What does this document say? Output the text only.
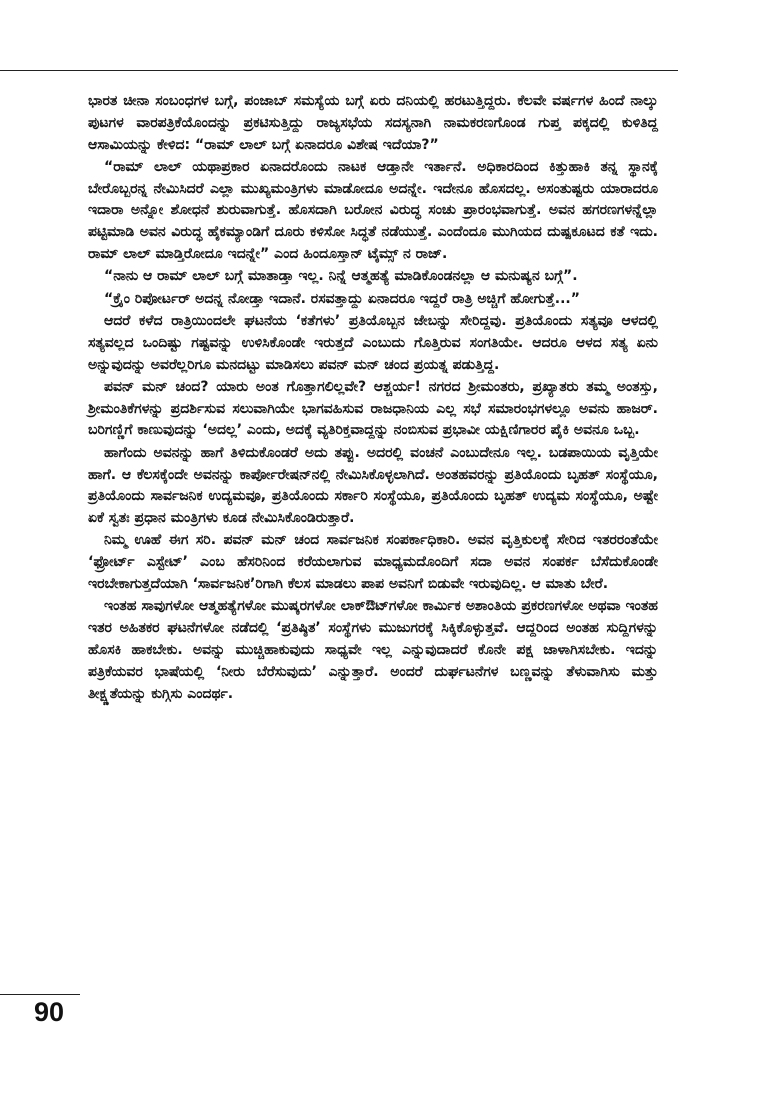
ಭಾರತ ಚೀನಾ ಸಂಬಂಧಗಳ ಬಗ್ಗೆ, ಪಂಜಾಬ್ ಸಮಸ್ಯೆಯ ಬಗ್ಗೆ ಏರು ದನಿಯಲ್ಲಿ ಹರಟುತ್ತಿದ್ದರು. ಕೆಲವೇ ವರ್ಷಗಳ ಹಿಂದೆ ನಾಲ್ಕು ಪುಟಗಳ ವಾರಪತ್ರಿಕೆಯೊಂದನ್ನು ಪ್ರಕಟಿಸುತ್ತಿದ್ದು ರಾಜ್ಯಸಭೆಯ ಸದಸ್ಯನಾಗಿ ನಾಮಕರಣಗೊಂಡ ಗುಪ್ತ ಪಕ್ಕದಲ್ಲಿ ಕುಳಿತಿದ್ದ ಆಸಾಮಿಯನ್ನು ಕೇಳಿದ: “ರಾಮ್ ಲಾಲ್ ಬಗ್ಗೆ ಏನಾದರೂ ವಿಶೇಷ ಇದೆಯಾ?”

“ರಾಮ್ ಲಾಲ್ ಯಥಾಪ್ರಕಾರ ಏನಾದರೊಂದು ನಾಟಕ ಆಡ್ತಾನೇ ಇರ್ತಾನೆ. ಅಧಿಕಾರದಿಂದ ಕಿತ್ತುಹಾಕಿ ತನ್ನ ಸ್ಥಾನಕ್ಕೆ ಬೇರೊಬ್ಬರನ್ನ ನೇಮಿಸಿದರೆ ಎಲ್ಲಾ ಮುಖ್ಯಮಂತ್ರಿಗಳು ಮಾಡೋದೂ ಅದನ್ನೇ. ಇದೇನೂ ಹೊಸದಲ್ಲ. ಅಸಂತುಷ್ಟರು ಯಾರಾದರೂ ಇದಾರಾ ಅನ್ನೋ ಶೋಧನೆ ಶುರುವಾಗುತ್ತೆ. ಹೊಸದಾಗಿ ಬರೋನ ವಿರುದ್ಧ ಸಂಚು ಪ್ರಾರಂಭವಾಗುತ್ತೆ. ಅವನ ಹಗರಣಗಳನ್ನೆಲ್ಲಾ ಪಟ್ಟಿಮಾಡಿ ಅವನ ವಿರುದ್ಧ ಹೈಕಮ್ಯಾಂಡಿಗೆ ದೂರು ಕಳಿಸೋ ಸಿದ್ಧತೆ ನಡೆಯುತ್ತೆ. ಎಂದೆಂದೂ ಮುಗಿಯದ ದುಷ್ಪಕೂಟದ ಕತೆ ಇದು. ರಾಮ್ ಲಾಲ್ ಮಾಡ್ತಿರೋದೂ ಇದನ್ನೇ” ಎಂದ ಹಿಂದೂಸ್ತಾನ್ ಟೈಮ್ಸ್ ನ ರಾಜ್.

“ನಾನು ಆ ರಾಮ್ ಲಾಲ್ ಬಗ್ಗೆ ಮಾತಾಡ್ತಾ ಇಲ್ಲ. ನಿನ್ನೆ ಆತ್ಮಹತ್ಯೆ ಮಾಡಿಕೊಂಡನಲ್ಲಾ ಆ ಮನುಷ್ಯನ ಬಗ್ಗೆ”.

“ಕ್ರೈಂ ರಿಪೋರ್ಟರ್ ಅದನ್ನ ನೋಡ್ತಾ ಇದಾನೆ. ರಸವತ್ತಾದ್ದು ಏನಾದರೂ ಇದ್ದರೆ ರಾತ್ರಿ ಅಚ್ಚಿಗೆ ಹೋಗುತ್ತೆ...”

ಆದರೆ ಕಳೆದ ರಾತ್ರಿಯಿಂದಲೇ ಘಟನೆಯ ‘ಕತೆಗಳು’ ಪ್ರತಿಯೊಬ್ಬನ ಜೇಬನ್ನು ಸೇರಿದ್ದವು. ಪ್ರತಿಯೊಂದು ಸತ್ಯವೂ ಆಳದಲ್ಲಿ ಸತ್ಯವಲ್ಲದ ಒಂದಿಷ್ಟು ಗಷ್ಟವನ್ನು ಉಳಿಸಿಕೊಂಡೇ ಇರುತ್ತದೆ ಎಂಬುದು ಗೊತ್ತಿರುವ ಸಂಗತಿಯೇ. ಆದರೂ ಆಳದ ಸತ್ಯ ಏನು ಅನ್ನುವುದನ್ನು ಅವರೆಲ್ಲರಿಗೂ ಮನದಟ್ಟು ಮಾಡಿಸಲು ಪವನ್ ಮನ್ ಚಂದ ಪ್ರಯತ್ನ ಪಡುತ್ತಿದ್ದ.

ಪವನ್ ಮನ್ ಚಂದ? ಯಾರು ಅಂತ ಗೊತ್ತಾಗಲಿಲ್ಲವೇ? ಆಶ್ಚರ್ಯ! ನಗರದ ಶ್ರೀಮಂತರು, ಪ್ರಖ್ಯಾತರು ತಮ್ಮ ಅಂತಸ್ತು, ಶ್ರೀಮಂತಿಕೆಗಳನ್ನು ಪ್ರದರ್ಶಿಸುವ ಸಲುವಾಗಿಯೇ ಭಾಗವಹಿಸುವ ರಾಜಧಾನಿಯ ಎಲ್ಲ ಸಭೆ ಸಮಾರಂಭಗಳಲ್ಲೂ ಅವನು ಹಾಜರ್. ಬರಿಗಣ್ಣಿಗೆ ಕಾಣುವುದನ್ನು ‘ಅದಲ್ಲ’ ಎಂದು, ಅದಕ್ಕೆ ವ್ಯತಿರಿಕ್ತವಾದ್ದನ್ನು ನಂಬಿಸುವ ಪ್ರಭಾವೀ ಯಕ್ಷಿಣಿಗಾರರ ಪೈಕಿ ಅವನೂ ಒಬ್ಬ.

ಹಾಗೆಂದು ಅವನನ್ನು ಹಾಗೆ ತಿಳಿದುಕೊಂಡರೆ ಅದು ತಪ್ಪು. ಅದರಲ್ಲಿ ವಂಚನೆ ಎಂಬುದೇನೂ ಇಲ್ಲ. ಬಡಪಾಯಿಯ ವೃತ್ತಿಯೇ ಹಾಗೆ. ಆ ಕೆಲಸಕ್ಕೆಂದೇ ಅವನನ್ನು ಕಾರ್ಪೋರೇಷನ್‌ನಲ್ಲಿ ನೇಮಿಸಿಕೊಳ್ಳಲಾಗಿದೆ. ಅಂತಹವರನ್ನು ಪ್ರತಿಯೊಂದು ಬೃಹತ್ ಸಂಸ್ಥೆಯೂ, ಪ್ರತಿಯೊಂದು ಸಾರ್ವಜನಿಕ ಉದ್ಯಮವೂ, ಪ್ರತಿಯೊಂದು ಸರ್ಕಾರಿ ಸಂಸ್ಥೆಯೂ, ಪ್ರತಿಯೊಂದು ಬೃಹತ್ ಉದ್ಯಮ ಸಂಸ್ಥೆಯೂ, ಅಷ್ಟೇ ಏಕೆ ಸ್ವತಃ ಪ್ರಧಾನ ಮಂತ್ರಿಗಳು ಕೂಡ ನೇಮಿಸಿಕೊಂಡಿರುತ್ತಾರೆ.

ನಿಮ್ಮ ಊಹೆ ಈಗ ಸರಿ. ಪವನ್ ಮನ್ ಚಂದ ಸಾರ್ವಜನಿಕ ಸಂಪರ್ಕಾಧಿಕಾರಿ. ಅವನ ವೃತ್ತಿಕುಲಕ್ಕೆ ಸೇರಿದ ಇತರರಂತೆಯೇ ‘ಫ್ರೋರ್ಟ್ ಎಸ್ಟೇಟ್’ ಎಂಬ ಹೆಸರಿನಿಂದ ಕರೆಯಲಾಗುವ ಮಾಧ್ಯಮದೊಂದಿಗೆ ಸದಾ ಅವನ ಸಂಪರ್ಕ ಬೆಸೆದುಕೊಂಡೇ ಇರಬೇಕಾಗುತ್ತದೆಯಾಗಿ ‘ಸಾರ್ವಜನಿಕ’ರಿಗಾಗಿ ಕೆಲಸ ಮಾಡಲು ಪಾಪ ಅವನಿಗೆ ಬಿಡುವೇ ಇರುವುದಿಲ್ಲ. ಆ ಮಾತು ಬೇರೆ.

ಇಂತಹ ಸಾವುಗಳೋ ಆತ್ಮಹತ್ಯೆಗಳೋ ಮುಷ್ಕರಗಳೋ ಲಾಕ್‌ಔಟ್‌ಗಳೋ ಕಾರ್ಮಿಕ ಅಶಾಂತಿಯ ಪ್ರಕರಣಗಳೋ ಅಥವಾ ಇಂತಹ ಇತರ ಅಹಿತಕರ ಘಟನೆಗಳೋ ನಡೆದಲ್ಲಿ ‘ಪ್ರತಿಷ್ಠಿತ’ ಸಂಸ್ಥೆಗಳು ಮುಜುಗರಕ್ಕೆ ಸಿಕ್ಕಿಕೊಳ್ಳುತ್ತವೆ. ಆದ್ದರಿಂದ ಅಂತಹ ಸುದ್ದಿಗಳನ್ನು ಹೊಸಕಿ ಹಾಕಬೇಕು. ಅವನ್ನು ಮುಚ್ಚಿಹಾಕುವುದು ಸಾಧ್ಯವೇ ಇಲ್ಲ ಎನ್ನುವುದಾದರೆ ಕೊನೇ ಪಕ್ಷ ಜಾಳಾಗಿಸಬೇಕು. ಇದನ್ನು ಪತ್ರಿಕೆಯವರ ಭಾಷೆಯಲ್ಲಿ ‘ನೀರು ಬೆರೆಸುವುದು’ ಎನ್ನುತ್ತಾರೆ. ಅಂದರೆ ದುರ್ಘಟನೆಗಳ ಬಣ್ಣವನ್ನು ತೆಳುವಾಗಿಸು ಮತ್ತು ತೀಕ್ಷ್ಣತೆಯನ್ನು ಕುಗ್ಗಿಸು ಎಂದರ್ಥ.

90
